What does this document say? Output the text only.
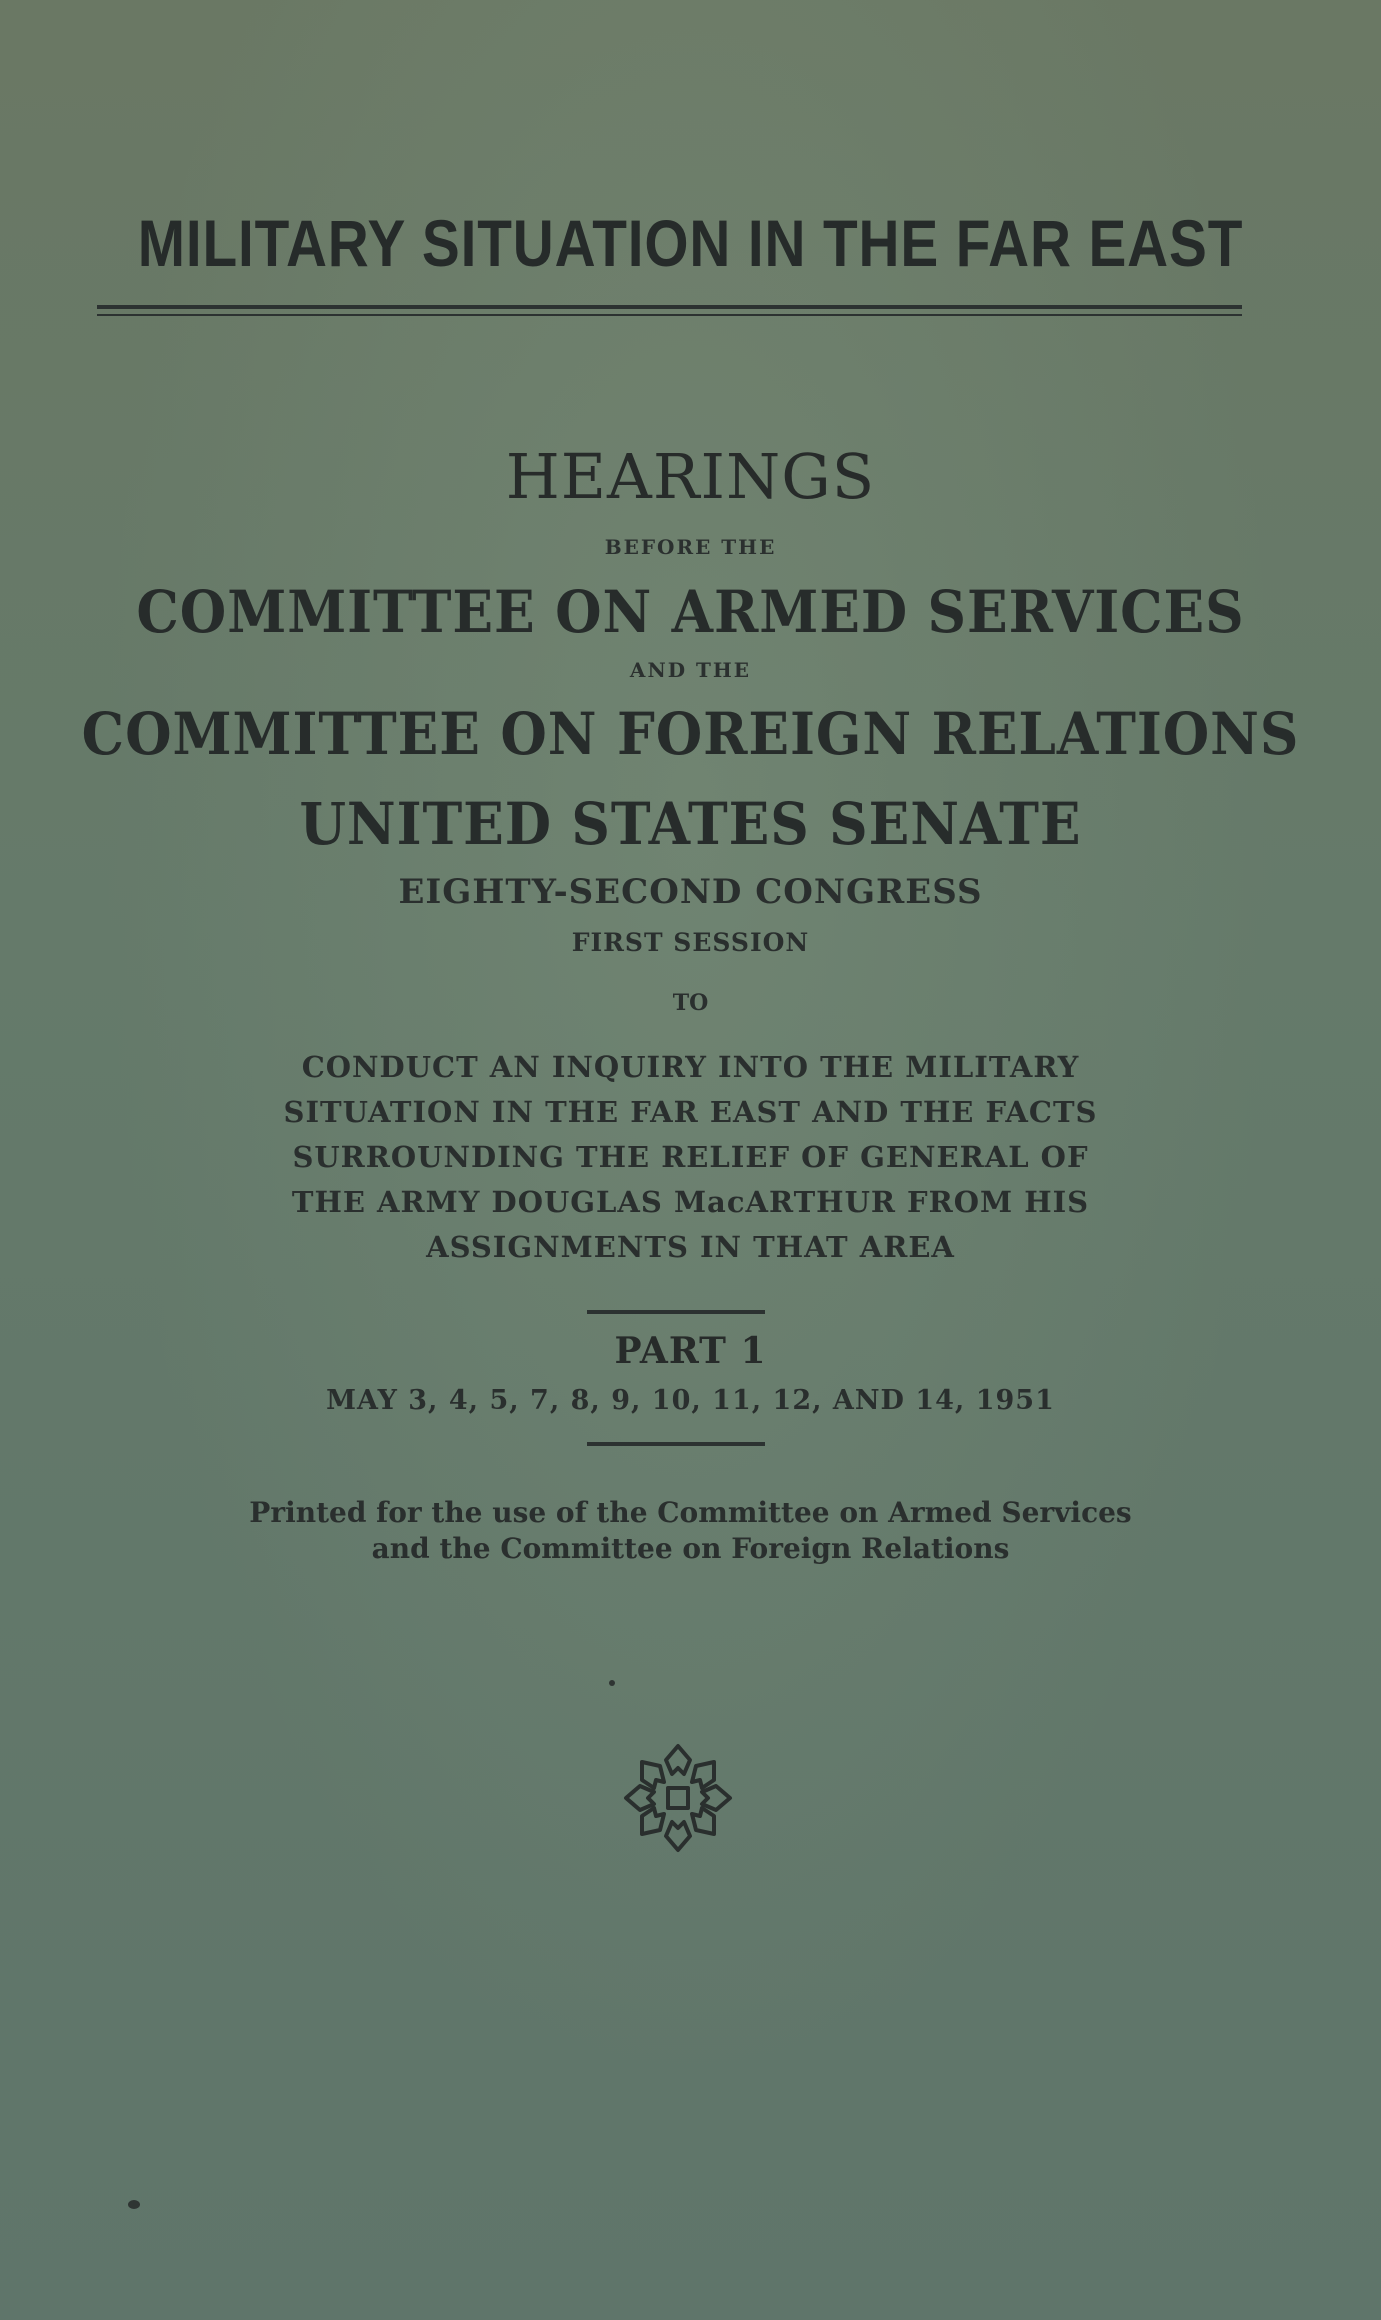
MILITARY SITUATION IN THE FAR EAST

HEARINGS

BEFORE THE

COMMITTEE ON ARMED SERVICES

AND THE

COMMITTEE ON FOREIGN RELATIONS

UNITED STATES SENATE

EIGHTY-SECOND CONGRESS

FIRST SESSION

TO

CONDUCT AN INQUIRY INTO THE MILITARY
SITUATION IN THE FAR EAST AND THE FACTS
SURROUNDING THE RELIEF OF GENERAL OF
THE ARMY DOUGLAS MacARTHUR FROM HIS
ASSIGNMENTS IN THAT AREA

PART 1

MAY 3, 4, 5, 7, 8, 9, 10, 11, 12, AND 14, 1951

Printed for the use of the Committee on Armed Services
and the Committee on Foreign Relations
